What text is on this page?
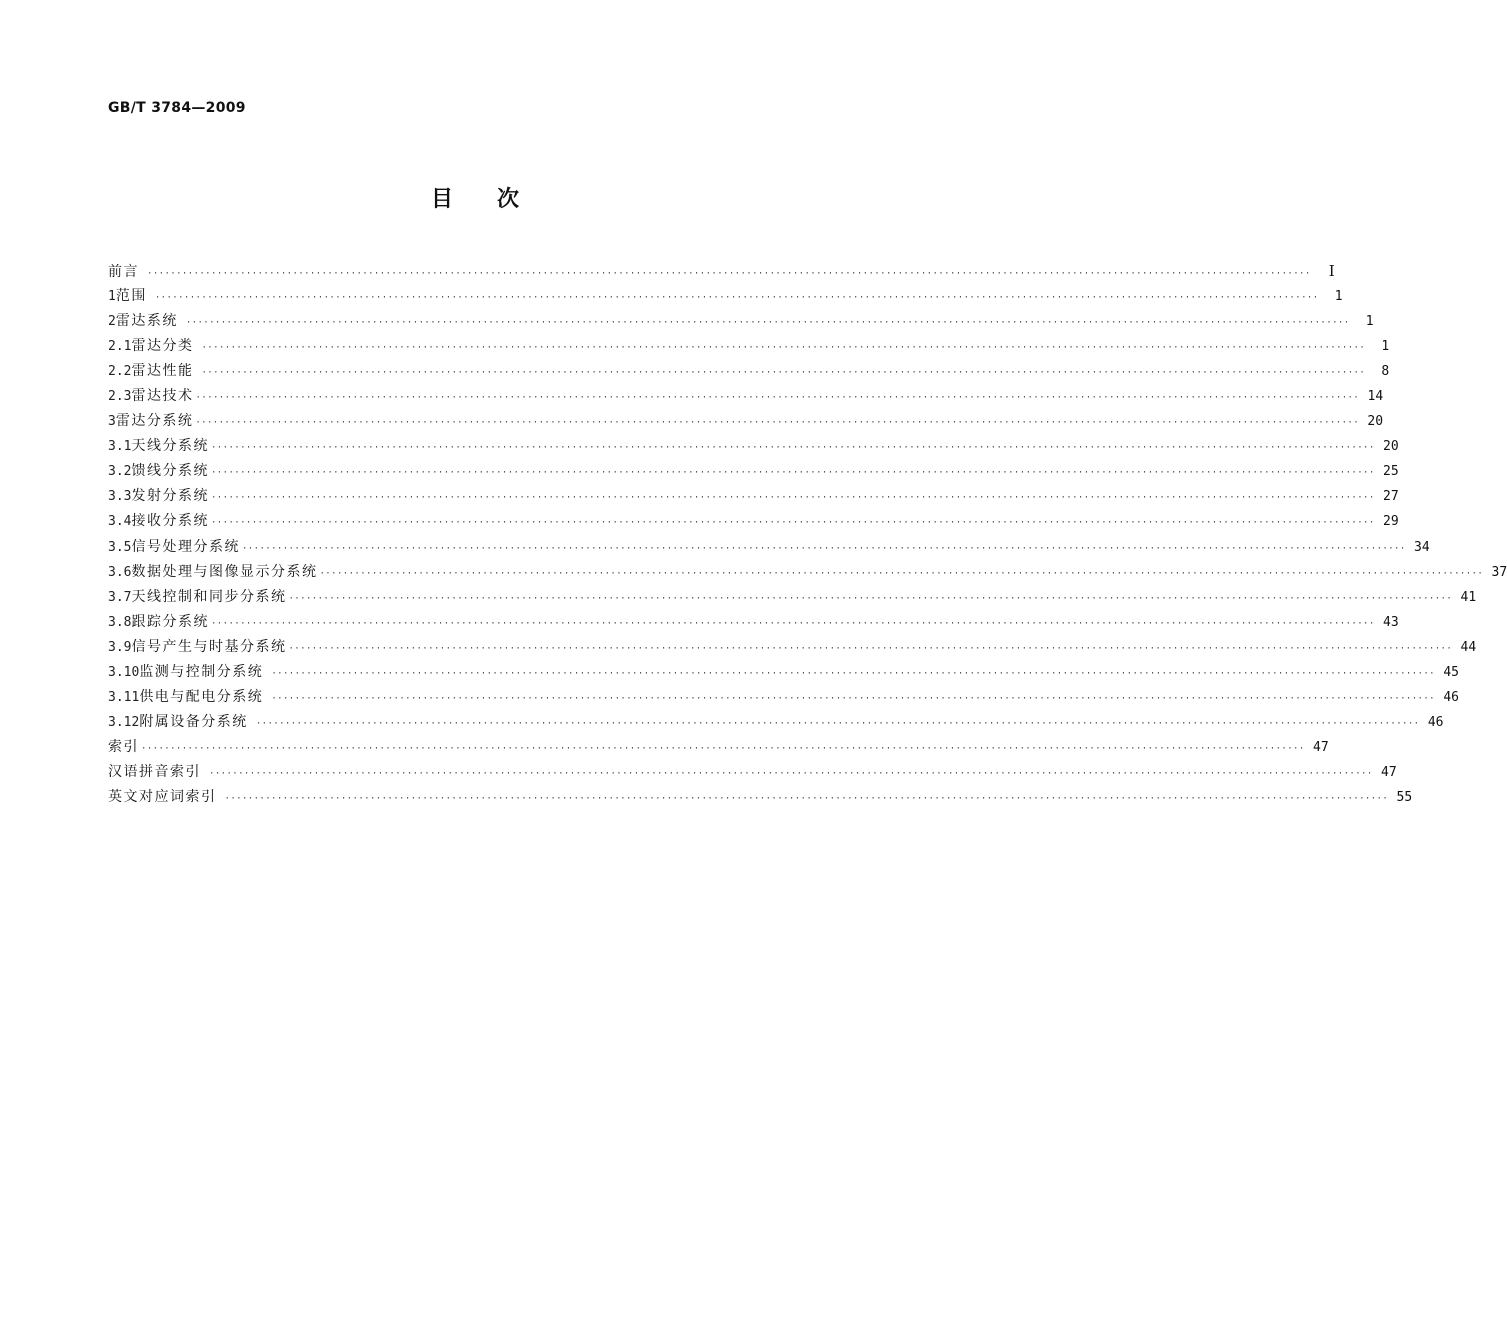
GB/T 3784—2009
目次
前言 ········································································································································································································	Ⅰ
1 范围 ········································································································································································································	1
2 雷达系统 ········································································································································································································	1
2.1 雷达分类 ········································································································································································································	1
2.2 雷达性能 ········································································································································································································	8
2.3 雷达技术 ········································································································································································································ 14
3 雷达分系统 ········································································································································································································ 20
3.1 天线分系统 ········································································································································································································ 20
3.2 馈线分系统 ········································································································································································································ 25
3.3 发射分系统 ········································································································································································································ 27
3.4 接收分系统 ········································································································································································································ 29
3.5 信号处理分系统 ········································································································································································································ 34
3.6 数据处理与图像显示分系统 ········································································································································································································ 37
3.7 天线控制和同步分系统 ········································································································································································································ 41
3.8 跟踪分系统 ········································································································································································································ 43
3.9 信号产生与时基分系统 ········································································································································································································ 44
3.10 监测与控制分系统 ········································································································································································································ 45
3.11 供电与配电分系统 ········································································································································································································ 46
3.12 附属设备分系统 ········································································································································································································ 46
索引 ········································································································································································································ 47
汉语拼音索引 ········································································································································································································ 47
英文对应词索引 ········································································································································································································ 55
